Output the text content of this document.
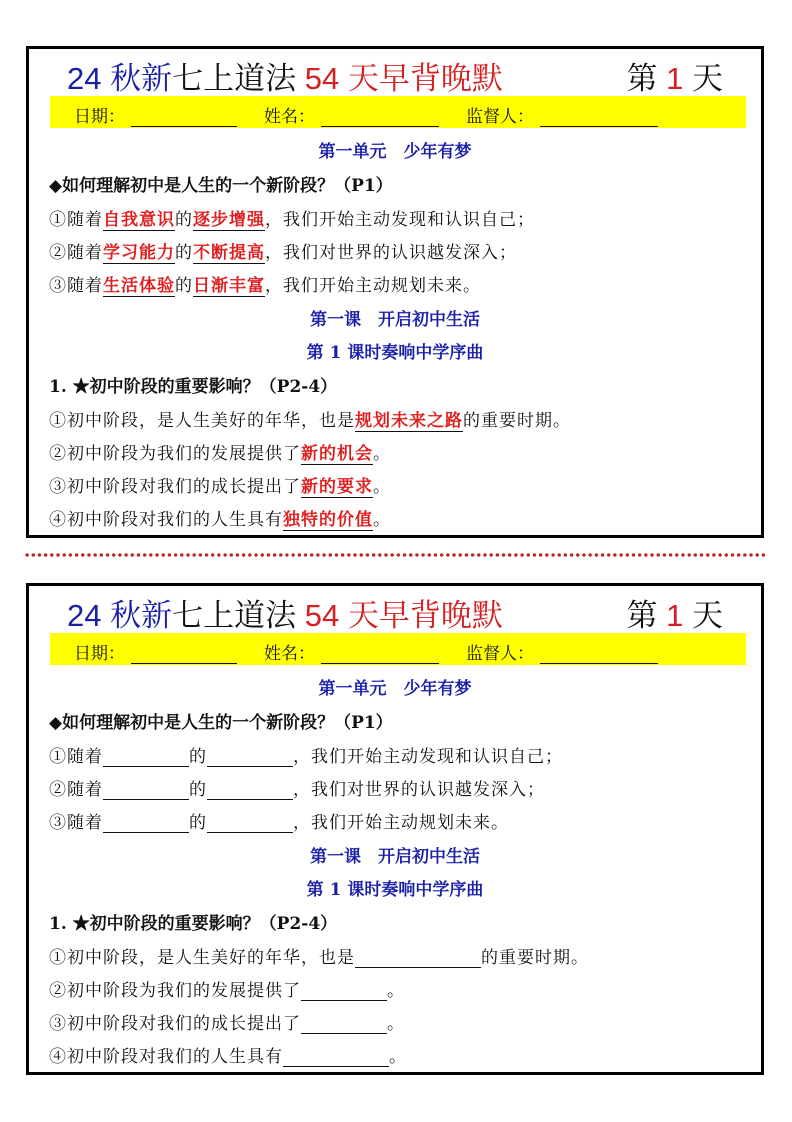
24 秋新七上道法 54 天早背晚默	第 1 天
日期：	姓名：	监督人：
第一单元　少年有梦
◆如何理解初中是人生的一个新阶段？（P1）
①随着自我意识的逐步增强，我们开始主动发现和认识自己；
②随着学习能力的不断提高，我们对世界的认识越发深入；
③随着生活体验的日渐丰富，我们开始主动规划未来。
第一课　开启初中生活
第 1 课时奏响中学序曲
1. ★初中阶段的重要影响？（P2-4）
①初中阶段，是人生美好的年华，也是规划未来之路的重要时期。
②初中阶段为我们的发展提供了新的机会。
③初中阶段对我们的成长提出了新的要求。
④初中阶段对我们的人生具有独特的价值。
24 秋新七上道法 54 天早背晚默	第 1 天
日期：	姓名：	监督人：
第一单元　少年有梦
◆如何理解初中是人生的一个新阶段？（P1）
①随着	的	，我们开始主动发现和认识自己；
②随着	的	，我们对世界的认识越发深入；
③随着	的	，我们开始主动规划未来。
第一课　开启初中生活
第 1 课时奏响中学序曲
1. ★初中阶段的重要影响？（P2-4）
①初中阶段，是人生美好的年华，也是	的重要时期。
②初中阶段为我们的发展提供了	。
③初中阶段对我们的成长提出了	。
④初中阶段对我们的人生具有	。
